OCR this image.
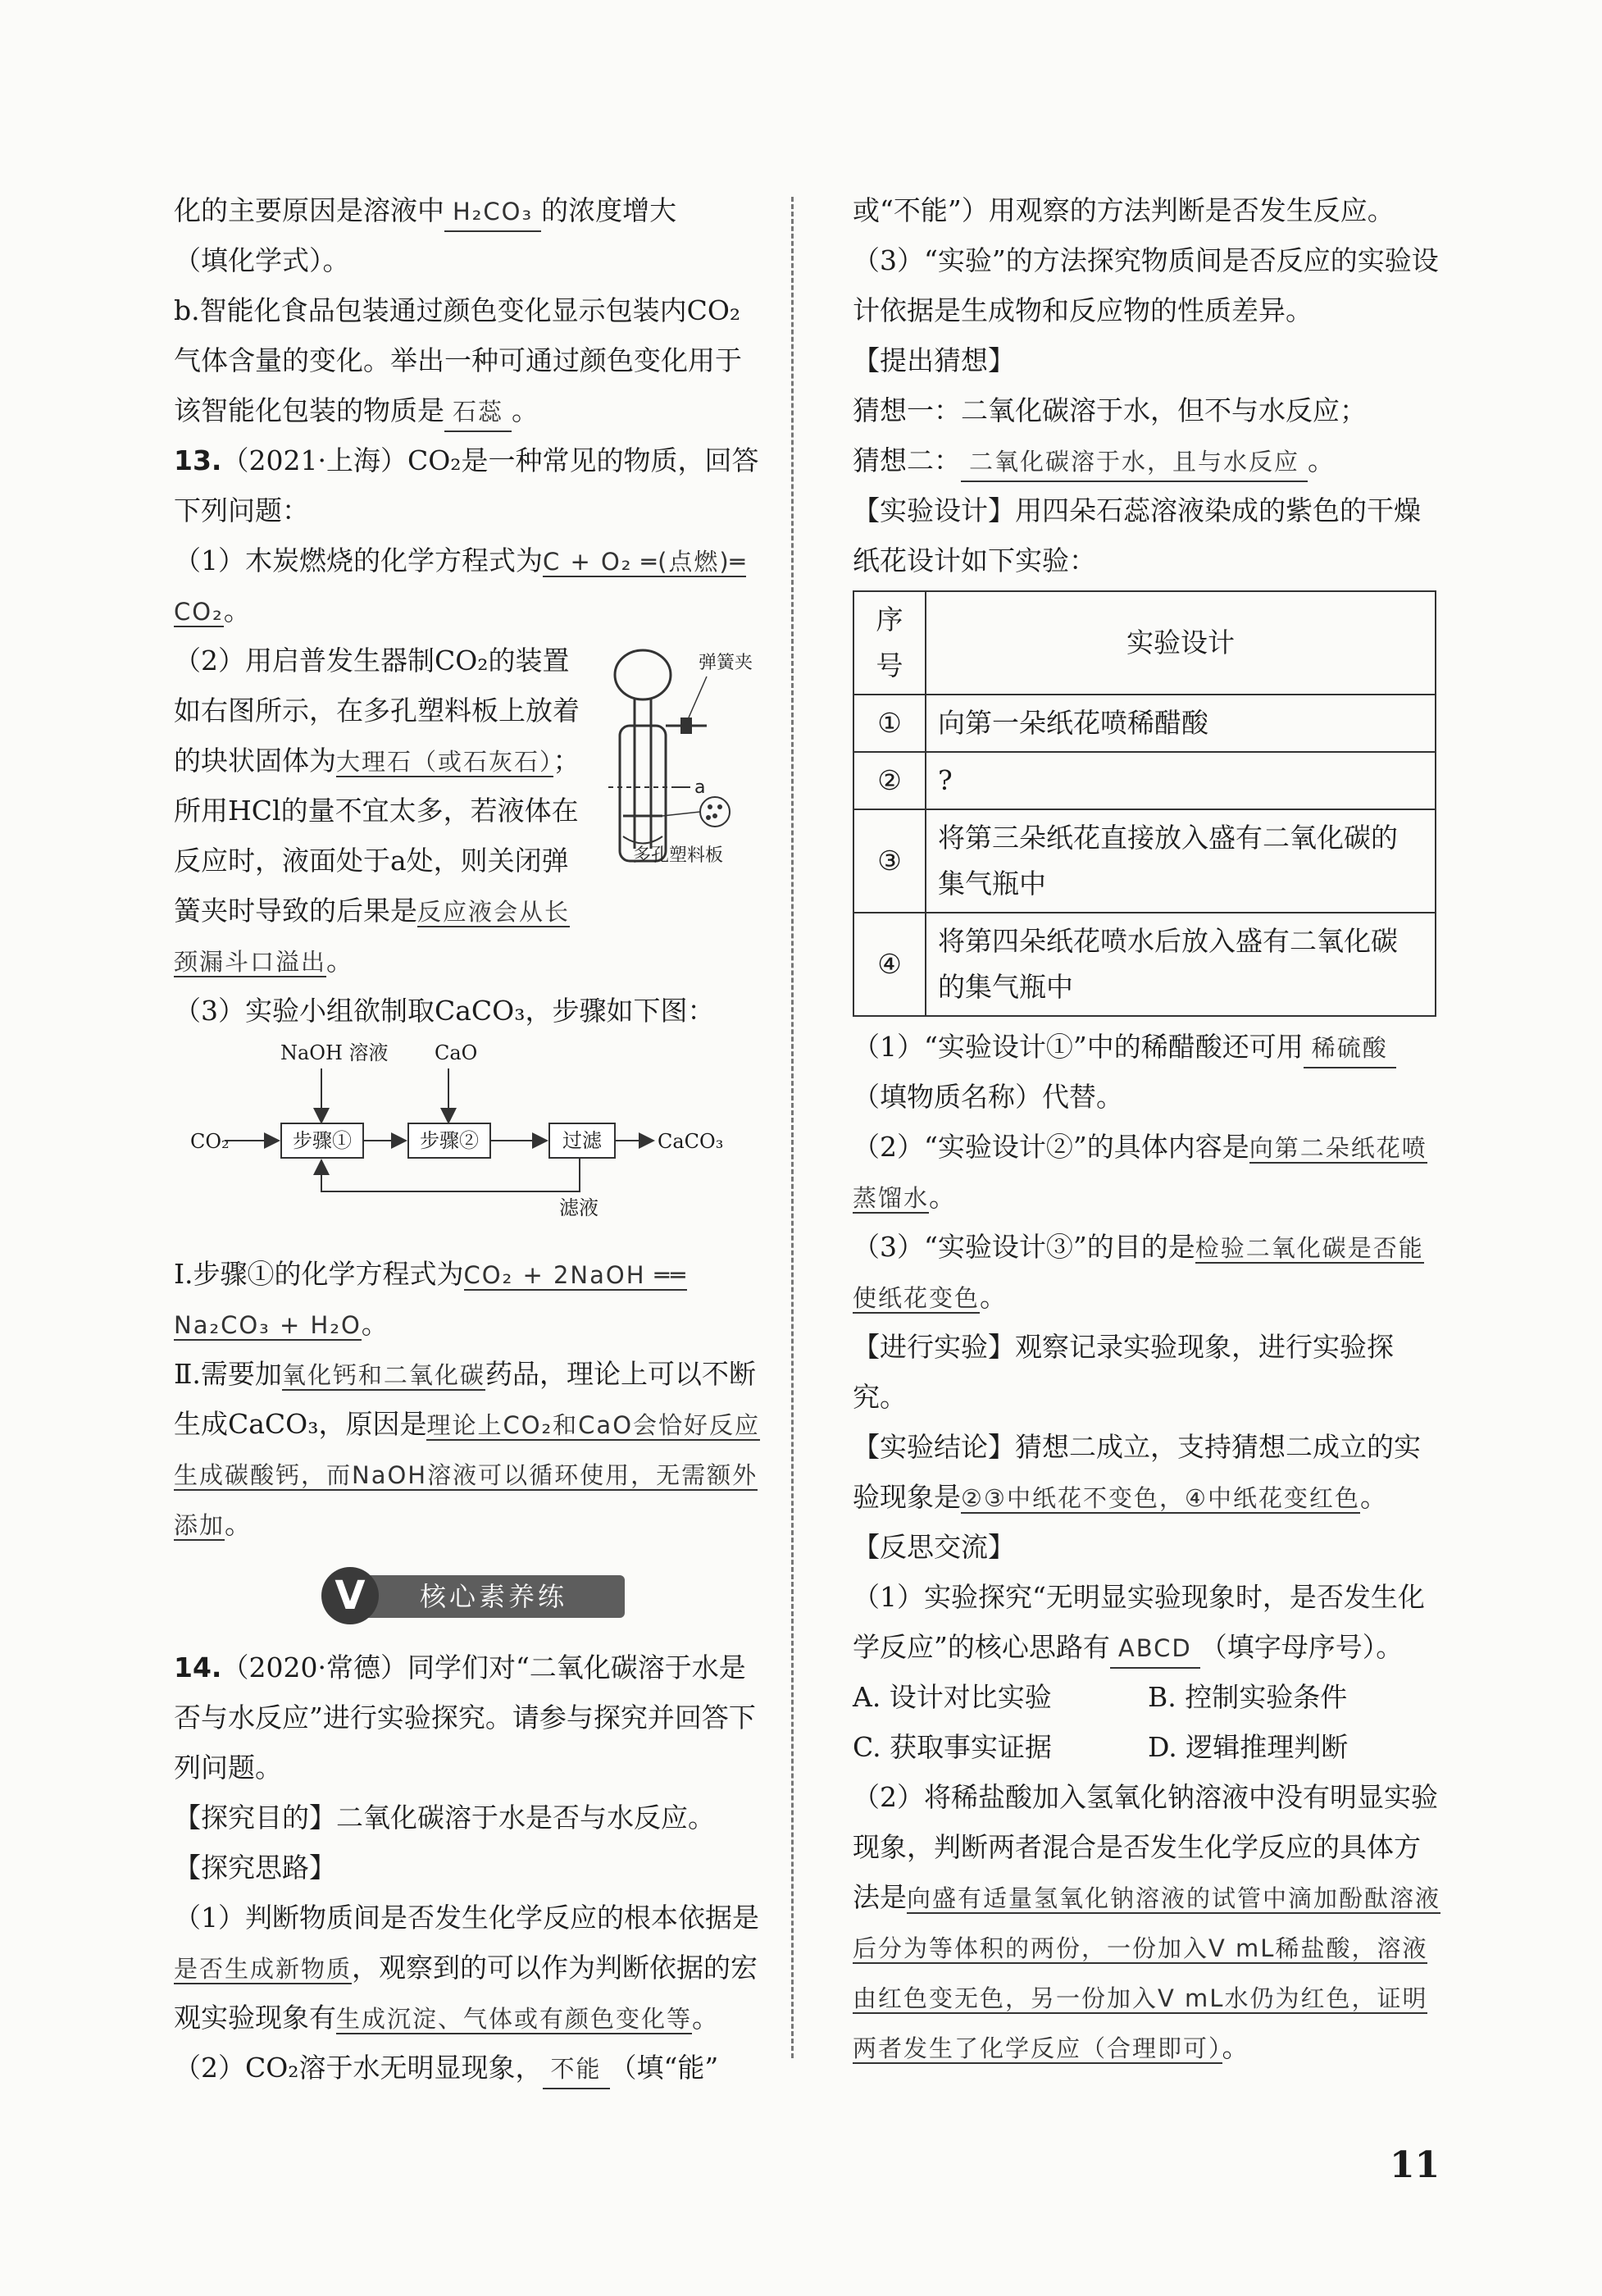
化的主要原因是溶液中 H₂CO₃ 的浓度增大

（填化学式）。

b.智能化食品包装通过颜色变化显示包装内CO₂气体含量的变化。举出一种可通过颜色变化用于该智能化包装的物质是 石蕊 。

13.（2021·上海）CO₂是一种常见的物质，回答下列问题：

（1）木炭燃烧的化学方程式为C + O₂ ═(点燃)═ CO₂。

弹簧夹
a
多孔塑料板

（2）用启普发生器制CO₂的装置如右图所示，在多孔塑料板上放着的块状固体为大理石（或石灰石）；所用HCl的量不宜太多，若液体在反应时，液面处于a处，则关闭弹簧夹时导致的后果是反应液会从长颈漏斗口溢出。

（3）实验小组欲制取CaCO₃，步骤如下图：

NaOH 溶液 CaO
CO₂	步骤①	步骤②	过滤	CaCO₃
滤液

Ⅰ.步骤①的化学方程式为CO₂ + 2NaOH ══ Na₂CO₃ + H₂O。

Ⅱ.需要加氧化钙和二氧化碳药品，理论上可以不断生成CaCO₃，原因是理论上CO₂和CaO会恰好反应生成碳酸钙，而NaOH溶液可以循环使用，无需额外添加。

核心素养练
V

14.（2020·常德）同学们对“二氧化碳溶于水是否与水反应”进行实验探究。请参与探究并回答下列问题。

【探究目的】二氧化碳溶于水是否与水反应。

【探究思路】

（1）判断物质间是否发生化学反应的根本依据是是否生成新物质，观察到的可以作为判断依据的宏观实验现象有生成沉淀、气体或有颜色变化等。

（2）CO₂溶于水无明显现象， 不能 （填“能”

或“不能”）用观察的方法判断是否发生反应。

（3）“实验”的方法探究物质间是否反应的实验设计依据是生成物和反应物的性质差异。

【提出猜想】

猜想一：二氧化碳溶于水，但不与水反应；

猜想二： 二氧化碳溶于水，且与水反应 。

【实验设计】用四朵石蕊溶液染成的紫色的干燥纸花设计如下实验：

序号	实验设计
①	向第一朵纸花喷稀醋酸
②	?
③	将第三朵纸花直接放入盛有二氧化碳的集气瓶中
④	将第四朵纸花喷水后放入盛有二氧化碳的集气瓶中

（1）“实验设计①”中的稀醋酸还可用 稀硫酸（填物质名称）代替。

（2）“实验设计②”的具体内容是向第二朵纸花喷蒸馏水。

（3）“实验设计③”的目的是检验二氧化碳是否能使纸花变色。

【进行实验】观察记录实验现象，进行实验探究。

【实验结论】猜想二成立，支持猜想二成立的实验现象是②③中纸花不变色，④中纸花变红色。

【反思交流】

（1）实验探究“无明显实验现象时，是否发生化学反应”的核心思路有 ABCD （填字母序号）。

A. 设计对比实验	B. 控制实验条件
C. 获取事实证据	D. 逻辑推理判断

（2）将稀盐酸加入氢氧化钠溶液中没有明显实验现象，判断两者混合是否发生化学反应的具体方法是向盛有适量氢氧化钠溶液的试管中滴加酚酞溶液后分为等体积的两份，一份加入V mL稀盐酸，溶液由红色变无色，另一份加入V mL水仍为红色，证明两者发生了化学反应（合理即可）。

11
